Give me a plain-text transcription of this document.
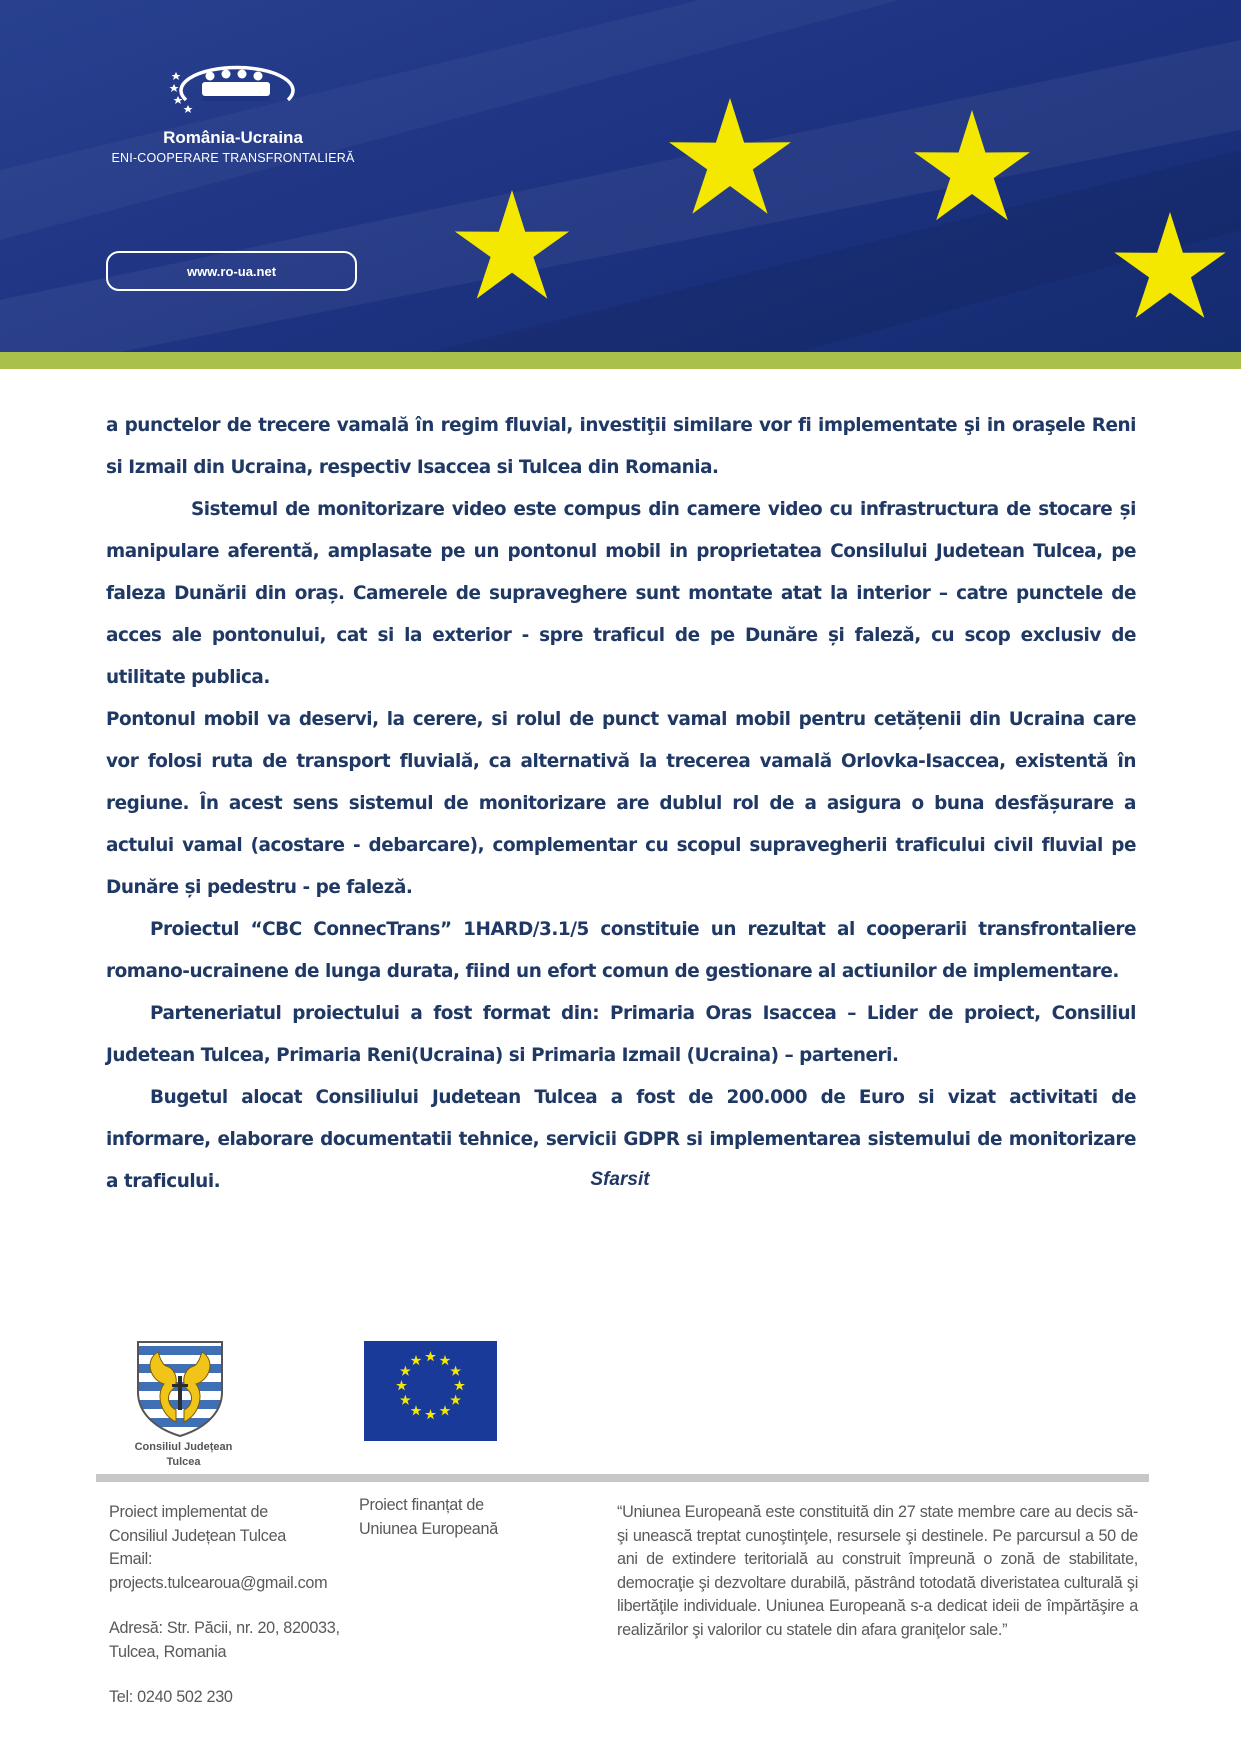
România-Ucraina
ENI-COOPERARE TRANSFRONTALIERĂ
www.ro-ua.net

a punctelor de trecere vamală în regim fluvial, investiţii similare vor fi implementate şi in oraşele Reni si Izmail din Ucraina, respectiv Isaccea si Tulcea din Romania.

Sistemul de monitorizare video este compus din camere video cu infrastructura de stocare și manipulare aferentă, amplasate pe un pontonul mobil in proprietatea Consilului Judetean Tulcea, pe faleza Dunării din oraș. Camerele de supraveghere sunt montate atat la interior – catre punctele de acces ale pontonului, cat si la exterior - spre traficul de pe Dunăre și faleză, cu scop exclusiv de utilitate publica.

Pontonul mobil va deservi, la cerere, si rolul de punct vamal mobil pentru cetățenii din Ucraina care vor folosi ruta de transport fluvială, ca alternativă la trecerea vamală Orlovka-Isaccea, existentă în regiune. În acest sens sistemul de monitorizare are dublul rol de a asigura o buna desfășurare a actului vamal (acostare - debarcare), complementar cu scopul supravegherii traficului civil fluvial pe Dunăre și pedestru - pe faleză.

Proiectul “CBC ConnecTrans” 1HARD/3.1/5 constituie un rezultat al cooperarii transfrontaliere romano-ucrainene de lunga durata, fiind un efort comun de gestionare al actiunilor de implementare.

Parteneriatul proiectului a fost format din: Primaria Oras Isaccea – Lider de proiect, Consiliul Judetean Tulcea, Primaria Reni(Ucraina) si Primaria Izmail (Ucraina) – parteneri.

Bugetul alocat Consiliului Judetean Tulcea a fost de 200.000 de Euro si vizat activitati de informare, elaborare documentatii tehnice, servicii GDPR si implementarea sistemului de monitorizare a traficului.	Sfarsit
Consiliul Județean
Tulcea
Proiect implementat de
Consiliul Județean Tulcea
Email:
projects.tulcearoua@gmail.com
Adresă: Str. Păcii, nr. 20, 820033,
Tulcea, Romania
Tel: 0240 502 230
Proiect finanțat de
Uniunea Europeană
“Uniunea Europeană este constituită din 27 state membre care au decis să-şi unească treptat cunoştinţele, resursele şi destinele. Pe parcursul a 50 de ani de extindere teritorială au construit împreună o zonă de stabilitate, democraţie şi dezvoltare durabilă, păstrând totodată diveristatea culturală şi libertăţile individuale. Uniunea Europeană s-a dedicat ideii de împărtăşire a realizărilor şi valorilor cu statele din afara graniţelor sale.”
